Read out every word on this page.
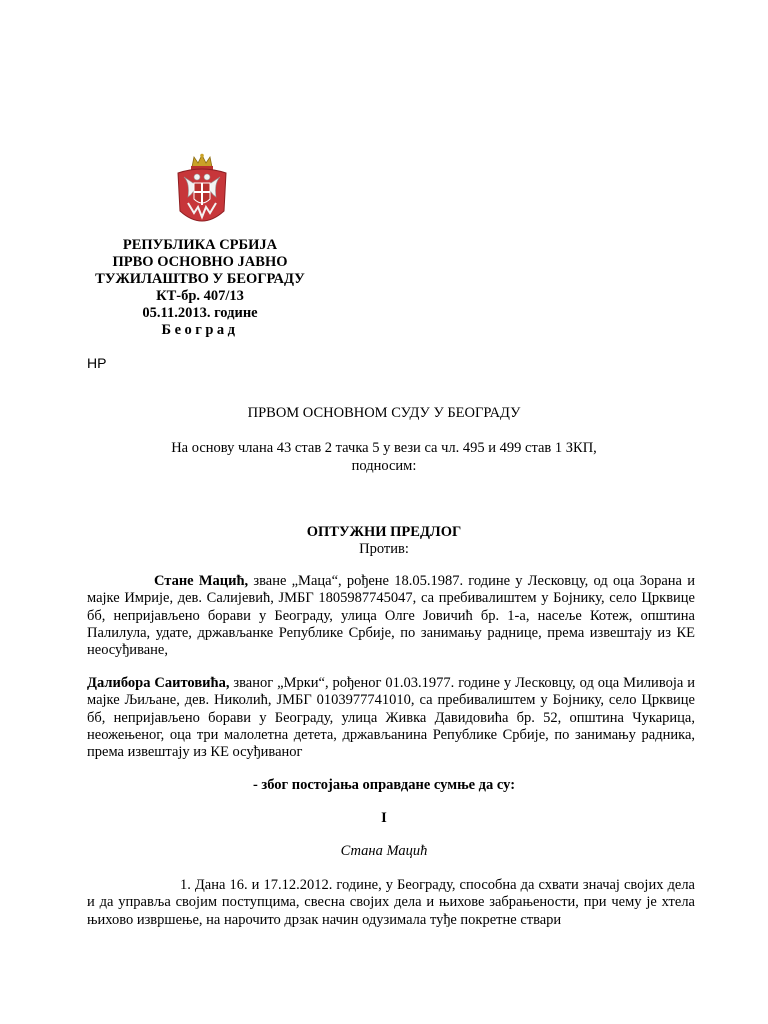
РЕПУБЛИКА СРБИЈА
ПРВО ОСНОВНО ЈАВНО
ТУЖИЛАШТВО У БЕОГРАДУ
КТ-бр. 407/13
05.11.2013. године
Београд
НР
ПРВОМ ОСНОВНОМ СУДУ У БЕОГРАДУ
На основу члана 43 став 2 тачка 5 у вези са чл. 495 и 499 став 1 ЗКП,
подносим:
ОПТУЖНИ ПРЕДЛОГ
Против:
Стане Мацић, зване „Маца“, рођене 18.05.1987. године у Лесковцу, од оца Зорана и мајке Имрије, дев. Салијевић, ЈМБГ 1805987745047, са пребивалиштем у Бојнику, село Црквице бб, непријављено борави у Београду, улица Олге Јовичић бр. 1-а, насеље Котеж, општина Палилула, удате, држављанке Републике Србије, по занимању раднице, према извештају из КЕ неосуђиване,
Далибора Саитовића, званог „Мрки“, рођеног 01.03.1977. године у Лесковцу, од оца Миливоја и мајке Љиљане, дев. Николић, ЈМБГ 0103977741010, са пребивалиштем у Бојнику, село Црквице бб, непријављено борави у Београду, улица Живка Давидовића бр. 52, општина Чукарица, неожењеног, оца три малолетна детета, држављанина Републике Србије, по занимању радника, према извештају из КЕ осуђиваног
- због постојања оправдане сумње да су:
I
Стана Мацић
1. Дана 16. и 17.12.2012. године, у Београду, способна да схвати значај својих дела и да управља својим поступцима, свесна својих дела и њихове забрањености, при чему је хтела њихово извршење, на нарочито дрзак начин одузимала туђе покретне ствари
